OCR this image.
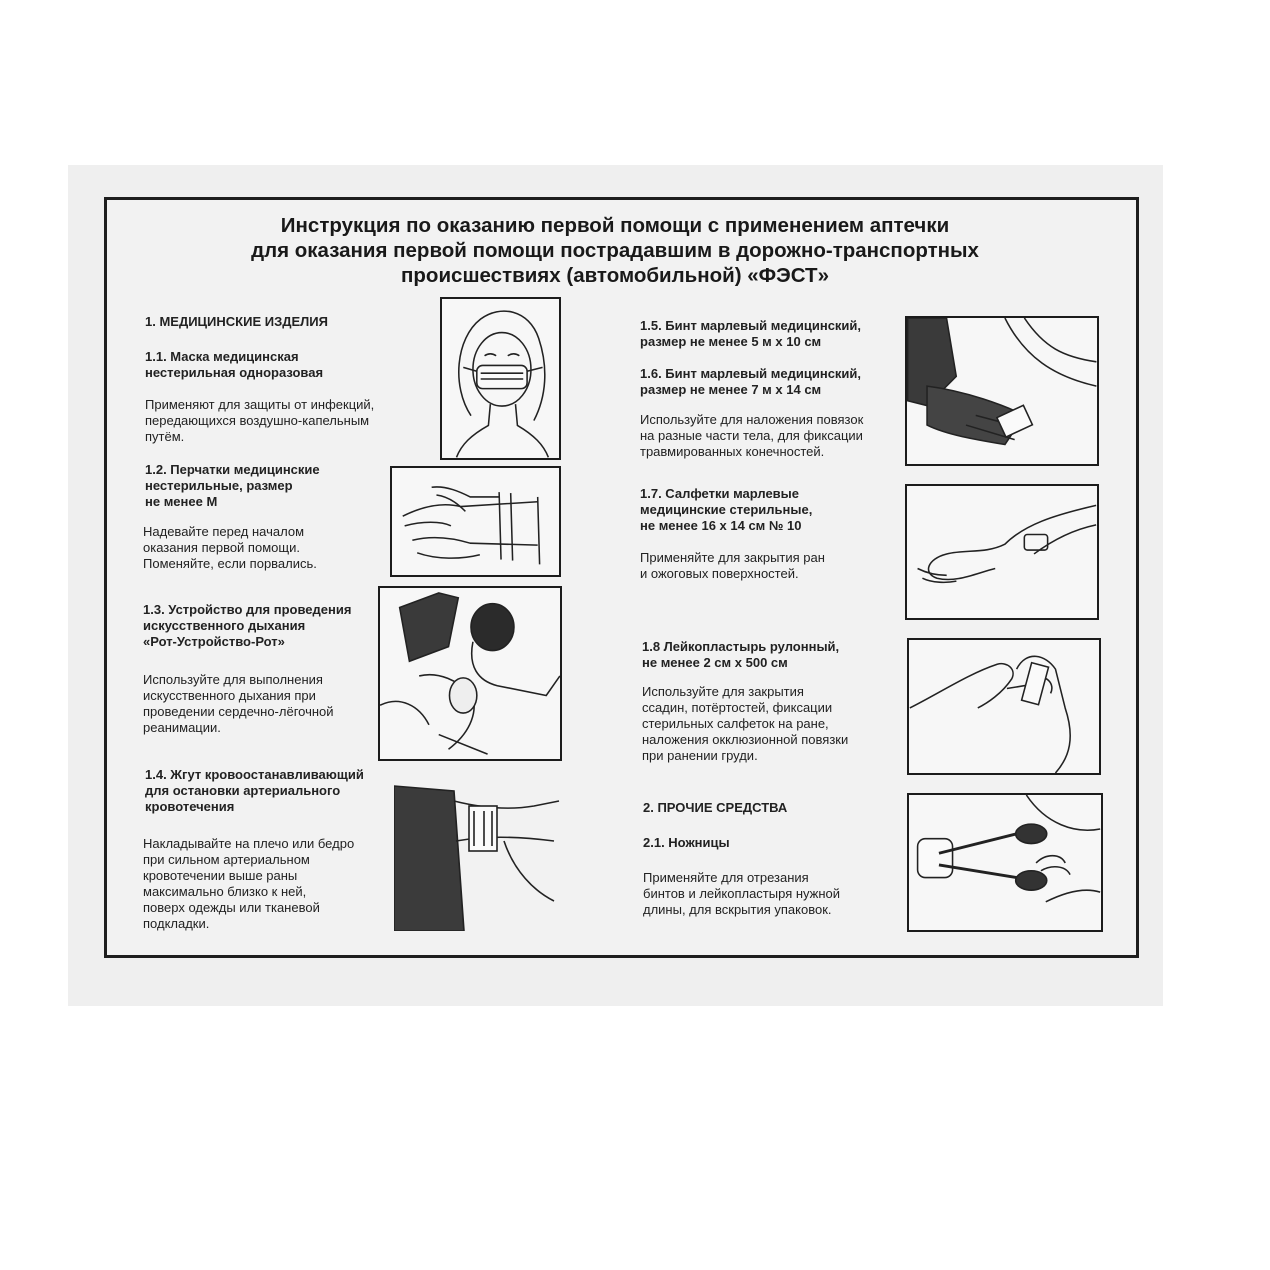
Инструкция по оказанию первой помощи с применением аптечки
для оказания первой помощи пострадавшим в дорожно-транспортных
происшествиях (автомобильной) «ФЭСТ»
1. МЕДИЦИНСКИЕ ИЗДЕЛИЯ
1.1. Маска медицинская
нестерильная одноразовая
Применяют для защиты от инфекций,
передающихся воздушно-капельным
путём.
1.2. Перчатки медицинские
нестерильные, размер
не менее М
Надевайте перед началом
оказания первой помощи.
Поменяйте, если порвались.
1.3. Устройство для проведения
искусственного дыхания
«Рот-Устройство-Рот»
Используйте для выполнения
искусственного дыхания при
проведении сердечно-лёгочной
реанимации.
1.4. Жгут кровоостанавливающий
для остановки артериального
кровотечения
Накладывайте на плечо или бедро
при сильном артериальном
кровотечении выше раны
максимально близко к ней,
поверх одежды или тканевой
подкладки.
1.5. Бинт марлевый медицинский,
размер не менее 5 м х 10 см
1.6. Бинт марлевый медицинский,
размер не менее 7 м х 14 см
Используйте для наложения повязок
на разные части тела, для фиксации
травмированных конечностей.
1.7. Салфетки марлевые
медицинские стерильные,
не менее 16 х 14 см № 10
Применяйте для закрытия ран
и ожоговых поверхностей.
1.8 Лейкопластырь рулонный,
не менее 2 см х 500 см
Используйте для закрытия
ссадин, потёртостей, фиксации
стерильных салфеток на ране,
наложения окклюзионной повязки
при ранении груди.
2. ПРОЧИЕ СРЕДСТВА
2.1. Ножницы
Применяйте для отрезания
бинтов и лейкопластыря нужной
длины, для вскрытия упаковок.
